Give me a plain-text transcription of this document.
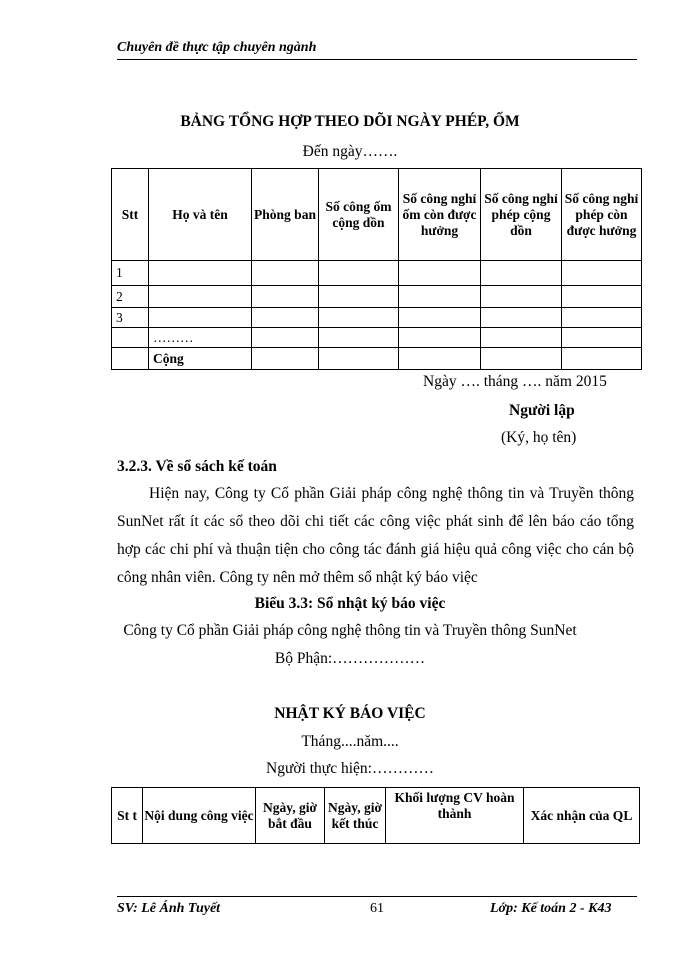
Chuyên đề thực tập chuyên ngành
BẢNG TỔNG HỢP THEO DÕI NGÀY PHÉP, ỐM
Đến ngày…….
Stt	Họ và tên	Phòng ban	Số công ốm cộng dồn	Số công nghỉ ốm còn được hưởng	Số công nghỉ phép cộng dồn	Số công nghỉ phép còn được hưởng
1						
2						
3						
	………					
	Cộng					
Ngày …. tháng …. năm 2015
Người lập
(Ký, họ tên)
3.2.3. Về sổ sách kế toán
Hiện nay, Công ty Cổ phần Giải pháp công nghệ thông tin và Truyền thông SunNet rất ít các sổ theo dõi chi tiết các công việc phát sinh để lên báo cáo tổng hợp các chi phí và thuận tiện cho công tác đánh giá hiệu quả công việc cho cán bộ công nhân viên. Công ty nên mở thêm sổ nhật ký báo việc
Biểu 3.3: Sổ nhật ký báo việc
Công ty Cổ phần Giải pháp công nghệ thông tin và Truyền thông SunNet
Bộ Phận:………………
NHẬT KÝ BÁO VIỆC
Tháng....năm....
Người thực hiện:…………
St t	Nội dung công việc	Ngày, giờ bắt đầu	Ngày, giờ kết thúc	Khối lượng CV hoàn thành	Xác nhận của QL
SV: Lê Ánh Tuyết	61	Lớp: Kế toán 2 - K43
